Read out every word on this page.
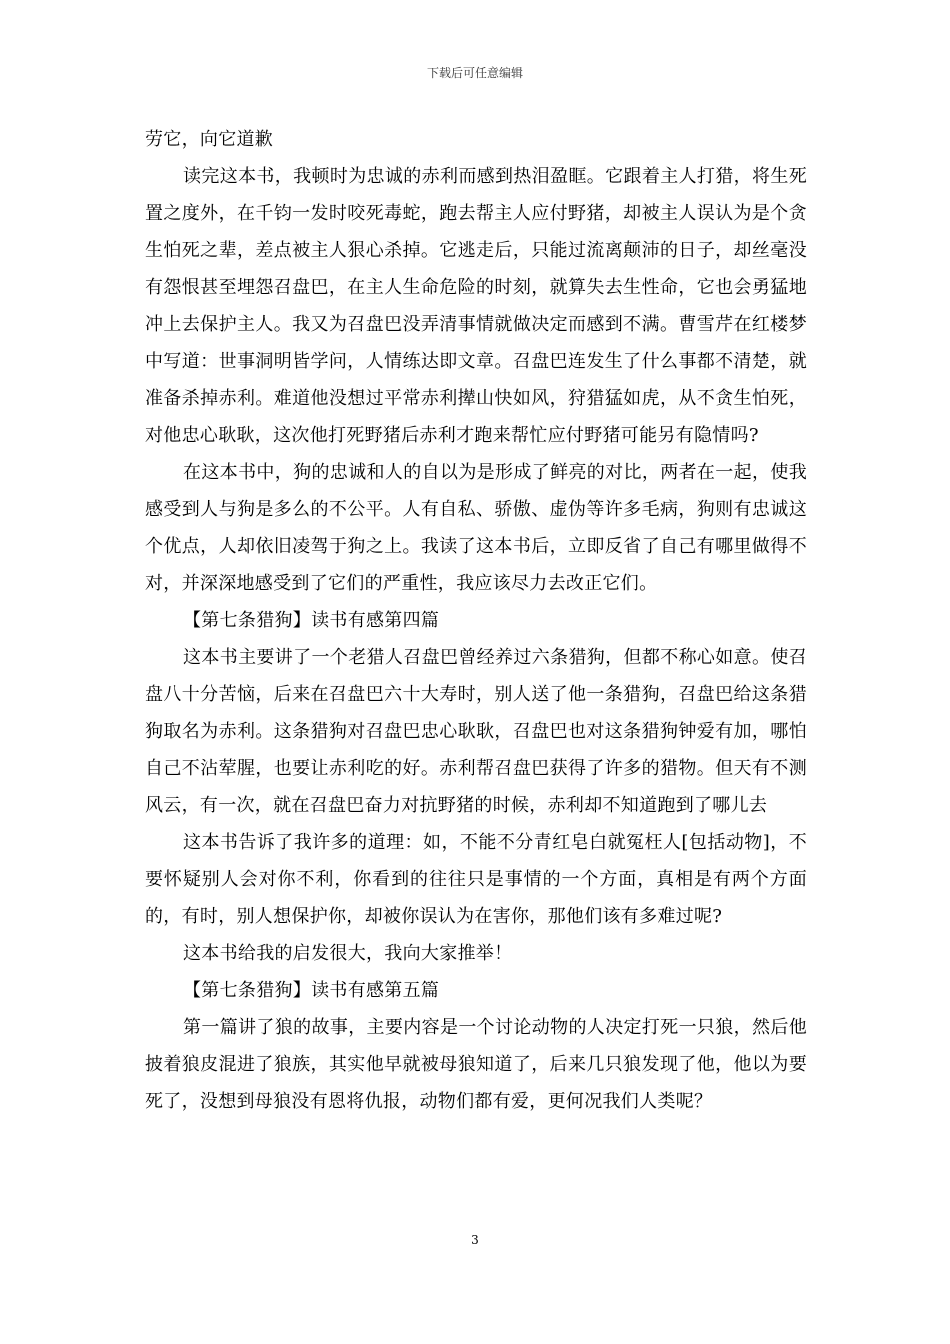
下载后可任意编辑

劳它，向它道歉

读完这本书，我顿时为忠诚的赤利而感到热泪盈眶。它跟着主人打猎，将生死置之度外，在千钧一发时咬死毒蛇，跑去帮主人应付野猪，却被主人误认为是个贪生怕死之辈，差点被主人狠心杀掉。它逃走后，只能过流离颠沛的日子，却丝毫没有怨恨甚至埋怨召盘巴，在主人生命危险的时刻，就算失去生性命，它也会勇猛地冲上去保护主人。我又为召盘巴没弄清事情就做决定而感到不满。曹雪芹在红楼梦中写道：世事洞明皆学问，人情练达即文章。召盘巴连发生了什么事都不清楚，就准备杀掉赤利。难道他没想过平常赤利撵山快如风，狩猎猛如虎，从不贪生怕死，对他忠心耿耿，这次他打死野猪后赤利才跑来帮忙应付野猪可能另有隐情吗?

在这本书中，狗的忠诚和人的自以为是形成了鲜亮的对比，两者在一起，使我感受到人与狗是多么的不公平。人有自私、骄傲、虚伪等许多毛病，狗则有忠诚这个优点，人却依旧凌驾于狗之上。我读了这本书后，立即反省了自己有哪里做得不对，并深深地感受到了它们的严重性，我应该尽力去改正它们。

【第七条猎狗】读书有感第四篇

这本书主要讲了一个老猎人召盘巴曾经养过六条猎狗，但都不称心如意。使召盘八十分苦恼，后来在召盘巴六十大寿时，别人送了他一条猎狗，召盘巴给这条猎狗取名为赤利。这条猎狗对召盘巴忠心耿耿，召盘巴也对这条猎狗钟爱有加，哪怕自己不沾荤腥，也要让赤利吃的好。赤利帮召盘巴获得了许多的猎物。但天有不测风云，有一次，就在召盘巴奋力对抗野猪的时候，赤利却不知道跑到了哪儿去

这本书告诉了我许多的道理：如，不能不分青红皂白就冤枉人[包括动物]，不要怀疑别人会对你不利，你看到的往往只是事情的一个方面，真相是有两个方面的，有时，别人想保护你，却被你误认为在害你，那他们该有多难过呢?

这本书给我的启发很大，我向大家推举！

【第七条猎狗】读书有感第五篇

第一篇讲了狼的故事，主要内容是一个讨论动物的人决定打死一只狼，然后他披着狼皮混进了狼族，其实他早就被母狼知道了，后来几只狼发现了他，他以为要死了，没想到母狼没有恩将仇报，动物们都有爱，更何况我们人类呢？

3
